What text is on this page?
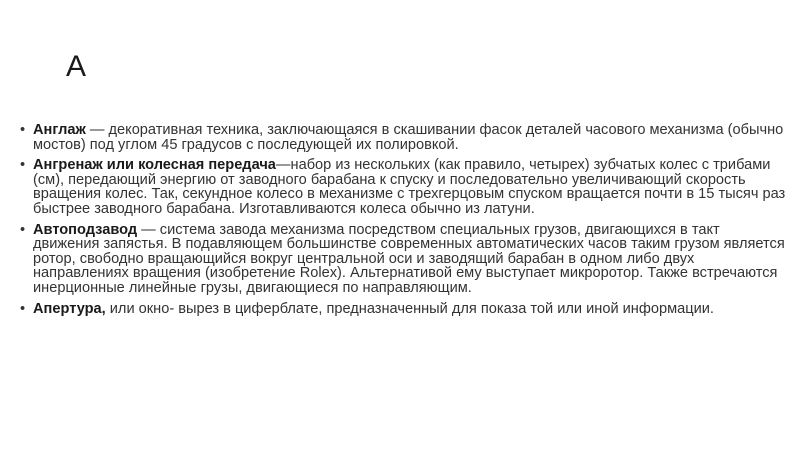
А
• Англаж — декоративная техника, заключающаяся в скашивании фасок деталей часового механизма (обычно мостов) под углом 45 градусов с последующей их полировкой.
• Ангренаж или колесная передача—набор из нескольких (как правило, четырех) зубчатых колес с трибами (см), передающий энергию от заводного барабана к спуску и последовательно увеличивающий скорость вращения колес. Так, секундное колесо в механизме с трехгерцовым спуском вращается почти в 15 тысяч раз быстрее заводного барабана. Изготавливаются колеса обычно из латуни.
• Автоподзавод — система завода механизма посредством специальных грузов, двигающихся в такт движения запястья. В подавляющем большинстве современных автоматических часов таким грузом является ротор, свободно вращающийся вокруг центральной оси и заводящий барабан в одном либо двух направлениях вращения (изобретение Rolex). Альтернативой ему выступает микроротор. Также встречаются инерционные линейные грузы, двигающиеся по направляющим.
• Апертура, или окно- вырез в циферблате, предназначенный для показа той или иной информации.
